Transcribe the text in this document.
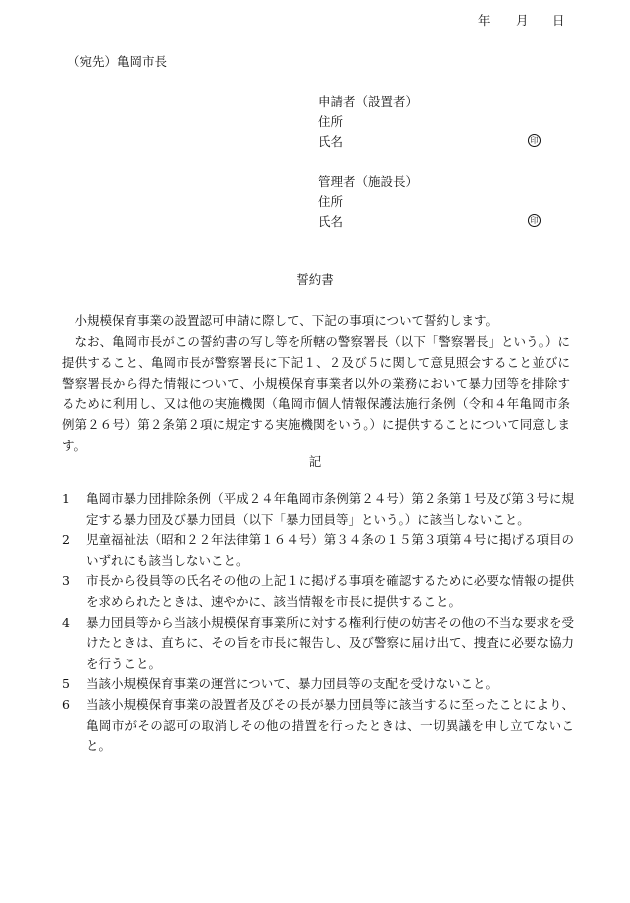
年 月 日
（宛先）亀岡市長
申請者（設置者）
住所
氏名	印
管理者（施設長）
住所
氏名	印
誓約書
小規模保育事業の設置認可申請に際して、下記の事項について誓約します。
なお、亀岡市長がこの誓約書の写し等を所轄の警察署長（以下「警察署長」という。）に提供すること、亀岡市長が警察署長に下記１、２及び５に関して意見照会すること並びに警察署長から得た情報について、小規模保育事業者以外の業務において暴力団等を排除するために利用し、又は他の実施機関（亀岡市個人情報保護法施行条例（令和４年亀岡市条例第２６号）第２条第２項に規定する実施機関をいう。）に提供することについて同意します。
記
1	亀岡市暴力団排除条例（平成２４年亀岡市条例第２４号）第２条第１号及び第３号に規定する暴力団及び暴力団員（以下「暴力団員等」という。）に該当しないこと。
2	児童福祉法（昭和２２年法律第１６４号）第３４条の１５第３項第４号に掲げる項目のいずれにも該当しないこと。
3	市長から役員等の氏名その他の上記１に掲げる事項を確認するために必要な情報の提供を求められたときは、速やかに、該当情報を市長に提供すること。
4	暴力団員等から当該小規模保育事業所に対する権利行使の妨害その他の不当な要求を受けたときは、直ちに、その旨を市長に報告し、及び警察に届け出て、捜査に必要な協力を行うこと。
5	当該小規模保育事業の運営について、暴力団員等の支配を受けないこと。
6	当該小規模保育事業の設置者及びその長が暴力団員等に該当するに至ったことにより、亀岡市がその認可の取消しその他の措置を行ったときは、一切異議を申し立てないこと。
